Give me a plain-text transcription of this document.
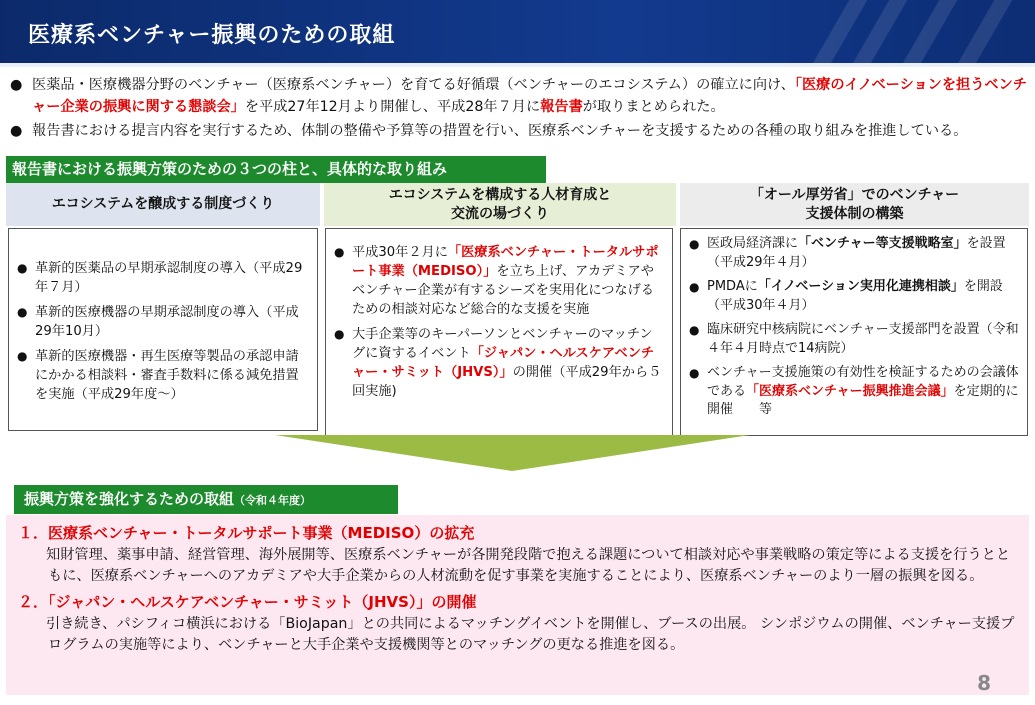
医療系ベンチャー振興のための取組
● 医薬品・医療機器分野のベンチャー（医療系ベンチャー）を育てる好循環（ベンチャーのエコシステム）の確立に向け、「医療のイノベーションを担うベンチャー企業の振興に関する懇談会」を平成27年12月より開催し、平成28年７月に報告書が取りまとめられた。
● 報告書における提言内容を実行するため、体制の整備や予算等の措置を行い、医療系ベンチャーを支援するための各種の取り組みを推進している。
報告書における振興方策のための３つの柱と、具体的な取り組み
エコシステムを醸成する制度づくり
エコシステムを構成する人材育成と
交流の場づくり
「オール厚労省」でのベンチャー
支援体制の構築
● 革新的医薬品の早期承認制度の導入（平成29年７月）
● 革新的医療機器の早期承認制度の導入（平成29年10月）
● 革新的医療機器・再生医療等製品の承認申請にかかる相談料・審査手数料に係る減免措置を実施（平成29年度～）
● 平成30年２月に「医療系ベンチャー・トータルサポート事業（MEDISO）」を立ち上げ、アカデミアやベンチャー企業が有するシーズを実用化につなげるための相談対応など総合的な支援を実施
● 大手企業等のキーパーソンとベンチャーのマッチングに資するイベント「ジャパン・ヘルスケアベンチャー・サミット（JHVS）」の開催（平成29年から５回実施)
● 医政局経済課に「ベンチャー等支援戦略室」を設置（平成29年４月）
● PMDAに「イノベーション実用化連携相談」を開設（平成30年４月）
● 臨床研究中核病院にベンチャー支援部門を設置（令和４年４月時点で14病院）
● ベンチャー支援施策の有効性を検証するための会議体である「医療系ベンチャー振興推進会議」を定期的に開催　　等
振興方策を強化するための取組（令和４年度）
１．医療系ベンチャー・トータルサポート事業（MEDISO）の拡充
知財管理、薬事申請、経営管理、海外展開等、医療系ベンチャーが各開発段階で抱える課題について相談対応や事業戦略の策定等による支援を行うとともに、医療系ベンチャーへのアカデミアや大手企業からの人材流動を促す事業を実施することにより、医療系ベンチャーのより一層の振興を図る。
２．「ジャパン・ヘルスケアベンチャー・サミット（JHVS）」の開催
引き続き、パシフィコ横浜における「BioJapan」との共同によるマッチングイベントを開催し、ブースの出展。 シンポジウムの開催、ベンチャー支援プログラムの実施等により、ベンチャーと大手企業や支援機関等とのマッチングの更なる推進を図る。
8
